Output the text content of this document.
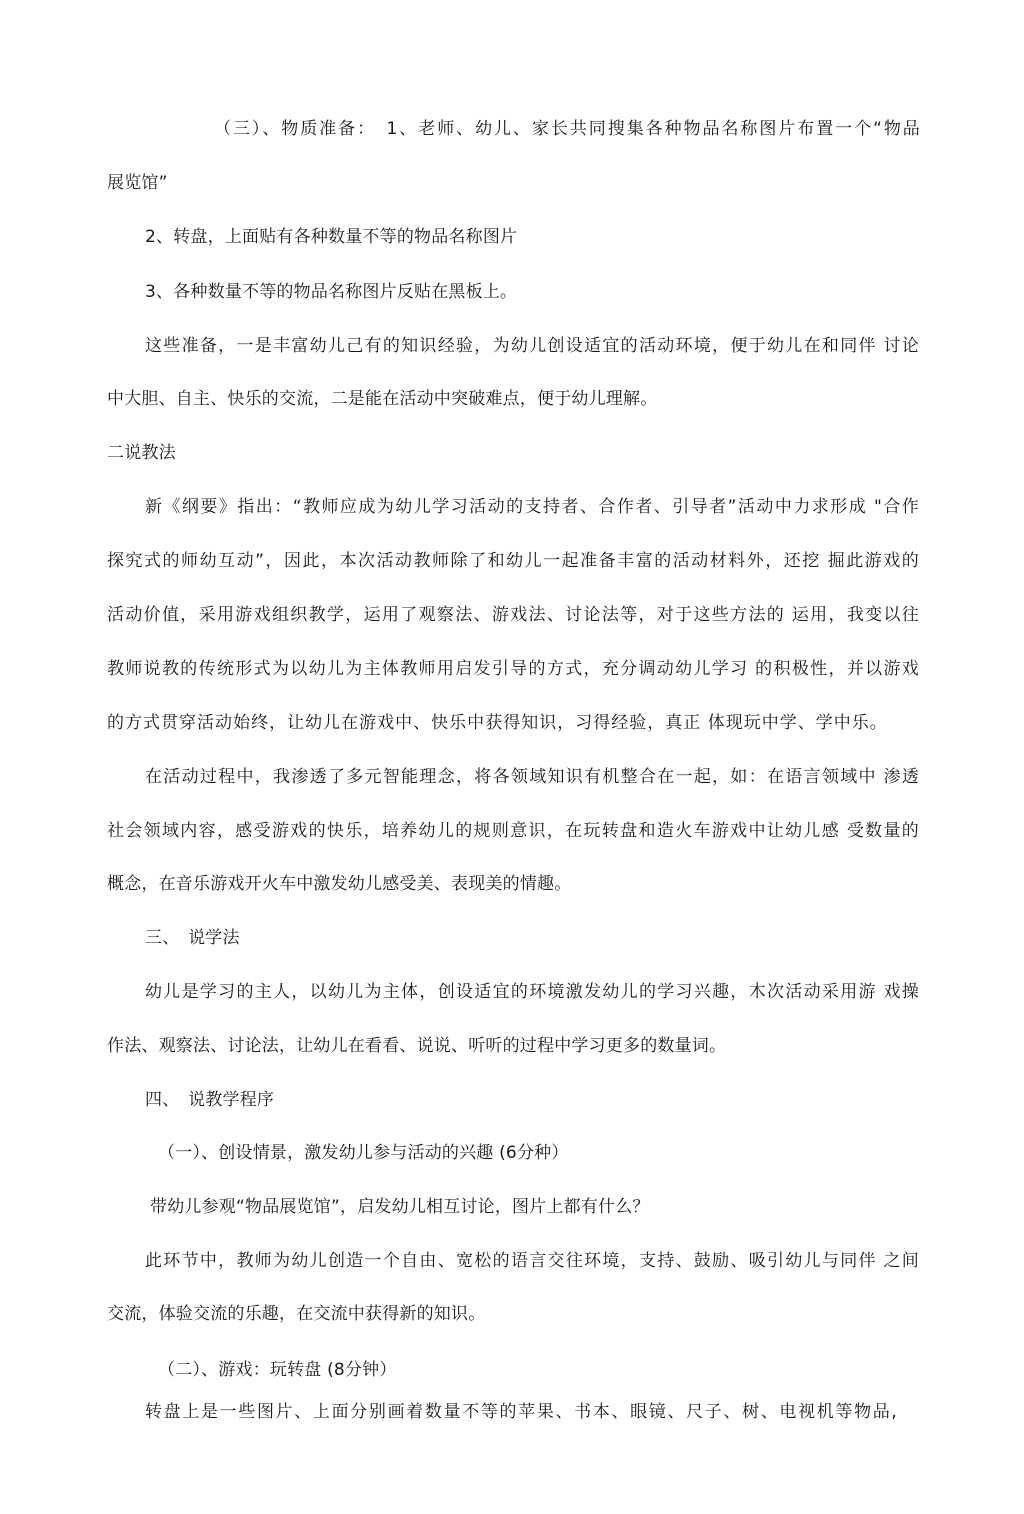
（三）、物质准备：　1、老师、幼儿、家长共同搜集各种物品名称图片布置一个“物品
展览馆”
2、转盘，上面贴有各种数量不等的物品名称图片
3、各种数量不等的物品名称图片反贴在黑板上。
这些准备，一是丰富幼儿己有的知识经验，为幼儿创设适宜的活动环境，便于幼儿在和同伴 讨论
中大胆、自主、快乐的交流，二是能在活动中突破难点，便于幼儿理解。
二说教法
新《纲要》指出：“教师应成为幼儿学习活动的支持者、合作者、引导者”活动中力求形成 "合作
探究式的师幼互动”，因此，本次活动教师除了和幼儿一起准备丰富的活动材料外，还挖 掘此游戏的
活动价值，采用游戏组织教学，运用了观察法、游戏法、讨论法等，对于这些方法的 运用，我变以往
教师说教的传统形式为以幼儿为主体教师用启发引导的方式，充分调动幼儿学习 的积极性，并以游戏
的方式贯穿活动始终，让幼儿在游戏中、快乐中获得知识，习得经验，真正 体现玩中学、学中乐。
在活动过程中，我渗透了多元智能理念，将各领域知识有机整合在一起，如：在语言领域中 渗透
社会领域内容，感受游戏的快乐，培养幼儿的规则意识，在玩转盘和造火车游戏中让幼儿感 受数量的
概念，在音乐游戏开火车中激发幼儿感受美、表现美的情趣。
三、　说学法
幼儿是学习的主人，以幼儿为主体，创设适宜的环境激发幼儿的学习兴趣，木次活动采用游 戏操
作法、观察法、讨论法，让幼儿在看看、说说、听听的过程中学习更多的数量词。
四、　说教学程序
（一）、创设情景，激发幼儿参与活动的兴趣 (6分种）
带幼儿参观“物品展览馆”，启发幼儿相互讨论，图片上都有什么？
此环节中，教师为幼儿创造一个自由、宽松的语言交往环境，支持、鼓励、吸引幼儿与同伴 之间
交流，体验交流的乐趣，在交流中获得新的知识。
（二）、游戏：玩转盘 (8分钟）
转盘上是一些图片、上面分别画着数量不等的苹果、书本、眼镜、尺子、树、电视机等物品,
